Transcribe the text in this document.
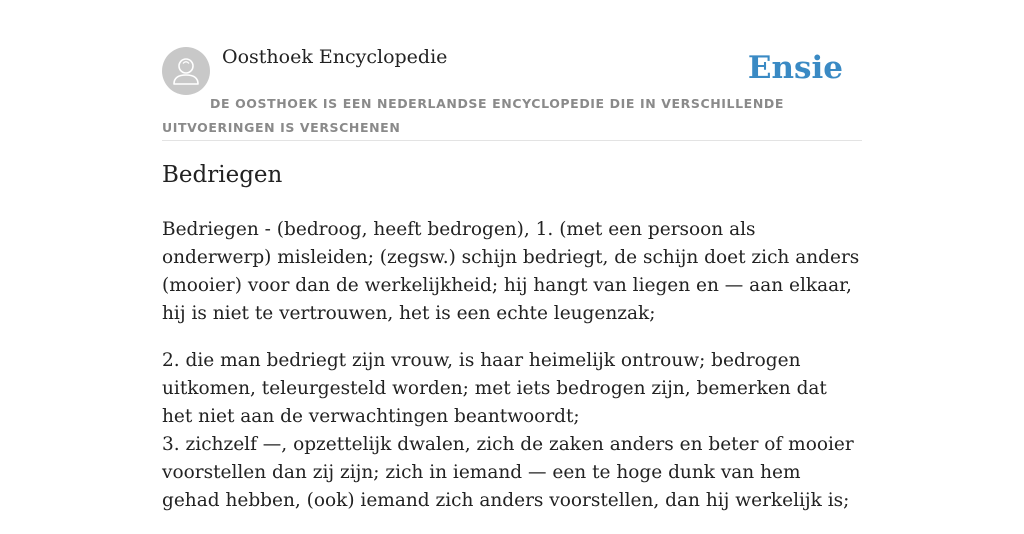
Oosthoek Encyclopedie	Ensie
DE OOSTHOEK IS EEN NEDERLANDSE ENCYCLOPEDIE DIE IN VERSCHILLENDE UITVOERINGEN IS VERSCHENEN
Bedriegen

Bedriegen - (bedroog, heeft bedrogen), 1. (met een persoon als onderwerp) misleiden; (zegsw.) schijn bedriegt, de schijn doet zich anders (mooier) voor dan de werkelijkheid; hij hangt van liegen en — aan elkaar, hij is niet te vertrouwen, het is een echte leugenzak;

2. die man bedriegt zijn vrouw, is haar heimelijk ontrouw; bedrogen uitkomen, teleurgesteld worden; met iets bedrogen zijn, bemerken dat het niet aan de verwachtingen beantwoordt;

3. zichzelf —, opzettelijk dwalen, zich de zaken anders en beter of mooier voorstellen dan zij zijn; zich in iemand — een te hoge dunk van hem gehad hebben, (ook) iemand zich anders voorstellen, dan hij werkelijk is;
